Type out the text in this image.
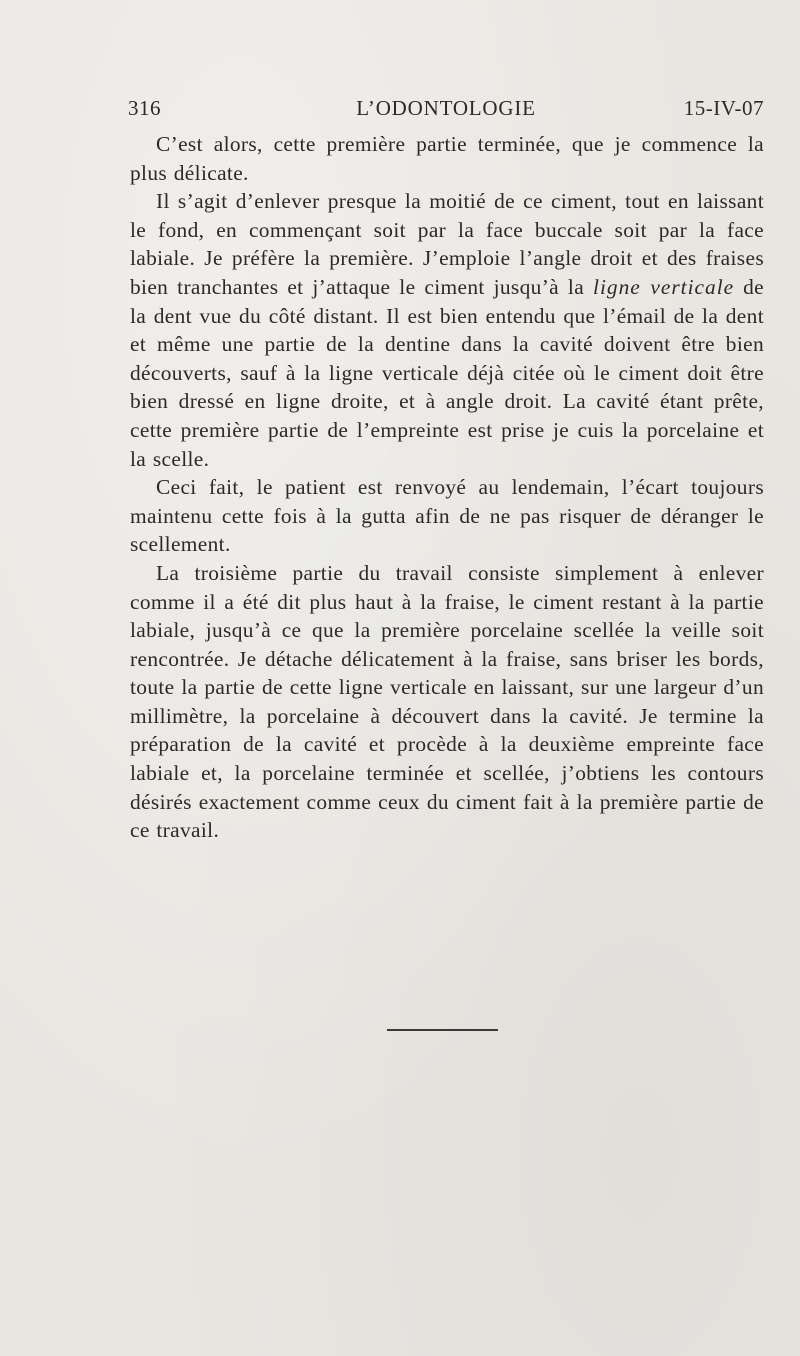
316	L’ODONTOLOGIE	15-IV-07

C’est alors, cette première partie terminée, que je commence la plus délicate.

Il s’agit d’enlever presque la moitié de ce ciment, tout en laissant le fond, en commençant soit par la face buccale soit par la face labiale. Je préfère la première. J’emploie l’angle droit et des fraises bien tranchantes et j’attaque le ciment jusqu’à la ligne verticale de la dent vue du côté distant. Il est bien entendu que l’émail de la dent et même une partie de la dentine dans la cavité doivent être bien découverts, sauf à la ligne verticale déjà citée où le ciment doit être bien dressé en ligne droite, et à angle droit. La cavité étant prête, cette première partie de l’empreinte est prise je cuis la porcelaine et la scelle.

Ceci fait, le patient est renvoyé au lendemain, l’écart toujours maintenu cette fois à la gutta afin de ne pas risquer de déranger le scellement.

La troisième partie du travail consiste simplement à enlever comme il a été dit plus haut à la fraise, le ciment restant à la partie labiale, jusqu’à ce que la première porcelaine scellée la veille soit rencontrée. Je détache délicatement à la fraise, sans briser les bords, toute la partie de cette ligne verticale en laissant, sur une largeur d’un millimètre, la porcelaine à découvert dans la cavité. Je termine la préparation de la cavité et procède à la deuxième empreinte face labiale et, la porcelaine terminée et scellée, j’obtiens les contours désirés exactement comme ceux du ciment fait à la première partie de ce travail.
